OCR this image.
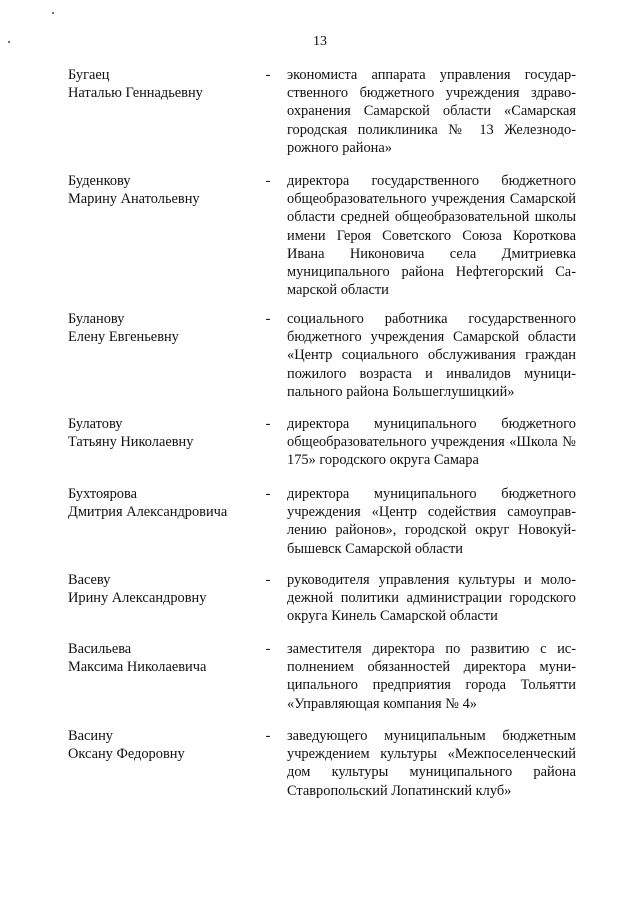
13
Бугаец
Наталью Геннадьевну
- экономиста аппарата управления государственного бюджетного учреждения здравоохранения Самарской области «Самарская городская поликлиника № 13 Железнодорожного района»
Буденкову
Марину Анатольевну
- директора государственного бюджетного общеобразовательного учреждения Самарской области средней общеобразовательной школы имени Героя Советского Союза Короткова Ивана Никоновича села Дмитриевка муниципального района Нефтегорский Самарской области
Буланову
Елену Евгеньевну
- социального работника государственного бюджетного учреждения Самарской области «Центр социального обслуживания граждан пожилого возраста и инвалидов муниципального района Большеглушицкий»
Булатову
Татьяну Николаевну
- директора муниципального бюджетного общеобразовательного учреждения «Школа № 175» городского округа Самара
Бухтоярова
Дмитрия Александровича
- директора муниципального бюджетного учреждения «Центр содействия самоуправлению районов», городской округ Новокуйбышевск Самарской области
Васеву
Ирину Александровну
- руководителя управления культуры и молодежной политики администрации городского округа Кинель Самарской области
Васильева
Максима Николаевича
- заместителя директора по развитию с исполнением обязанностей директора муниципального предприятия города Тольятти «Управляющая компания № 4»
Васину
Оксану Федоровну
- заведующего муниципальным бюджетным учреждением культуры «Межпоселенческий дом культуры муниципального района Ставропольский Лопатинский клуб»
